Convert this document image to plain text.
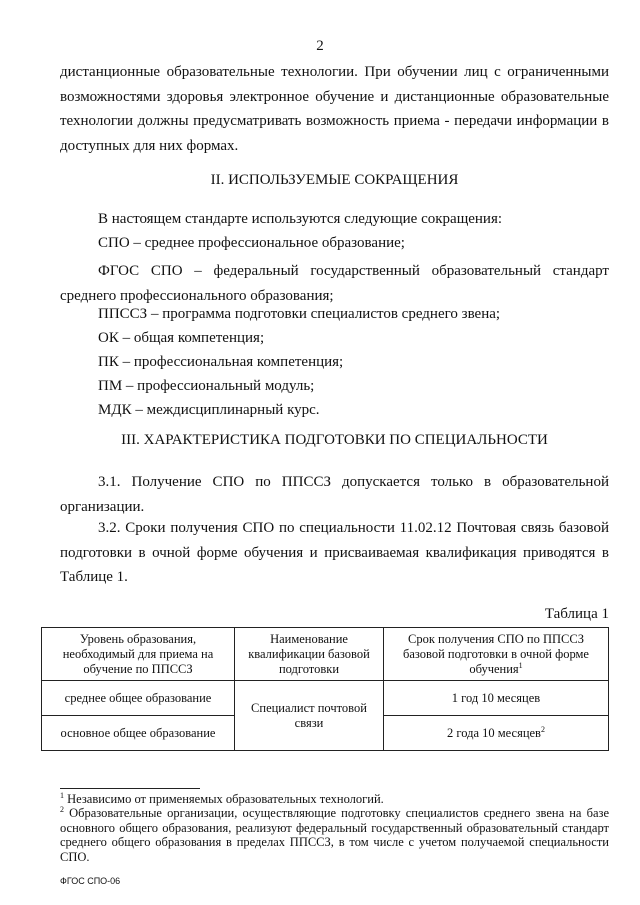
2

дистанционные образовательные технологии. При обучении лиц с ограниченными возможностями здоровья электронное обучение и дистанционные образовательные технологии должны предусматривать возможность приема - передачи информации в доступных для них формах.

II. ИСПОЛЬЗУЕМЫЕ СОКРАЩЕНИЯ

В настоящем стандарте используются следующие сокращения:

СПО – среднее профессиональное образование;

ФГОС СПО – федеральный государственный образовательный стандарт среднего профессионального образования;

ППССЗ – программа подготовки специалистов среднего звена;

ОК – общая компетенция;

ПК – профессиональная компетенция;

ПМ – профессиональный модуль;

МДК – междисциплинарный курс.

III. ХАРАКТЕРИСТИКА ПОДГОТОВКИ ПО СПЕЦИАЛЬНОСТИ

3.1. Получение СПО по ППССЗ допускается только в образовательной организации.

3.2. Сроки получения СПО по специальности 11.02.12 Почтовая связь базовой подготовки в очной форме обучения и присваиваемая квалификация приводятся в Таблице 1.

Таблица 1
Уровень образования, необходимый для приема на обучение по ППССЗ	Наименование квалификации базовой подготовки	Срок получения СПО по ППССЗ базовой подготовки в очной форме обучения$^1$
среднее общее образование	Специалист почтовой связи	1 год 10 месяцев
основное общее образование		2 года 10 месяцев$^2$

$^1$ Независимо от применяемых образовательных технологий.

$^2$ Образовательные организации, осуществляющие подготовку специалистов среднего звена на базе основного общего образования, реализуют федеральный государственный образовательный стандарт среднего общего образования в пределах ППССЗ, в том числе с учетом получаемой специальности СПО.

ФГОС СПО-06
